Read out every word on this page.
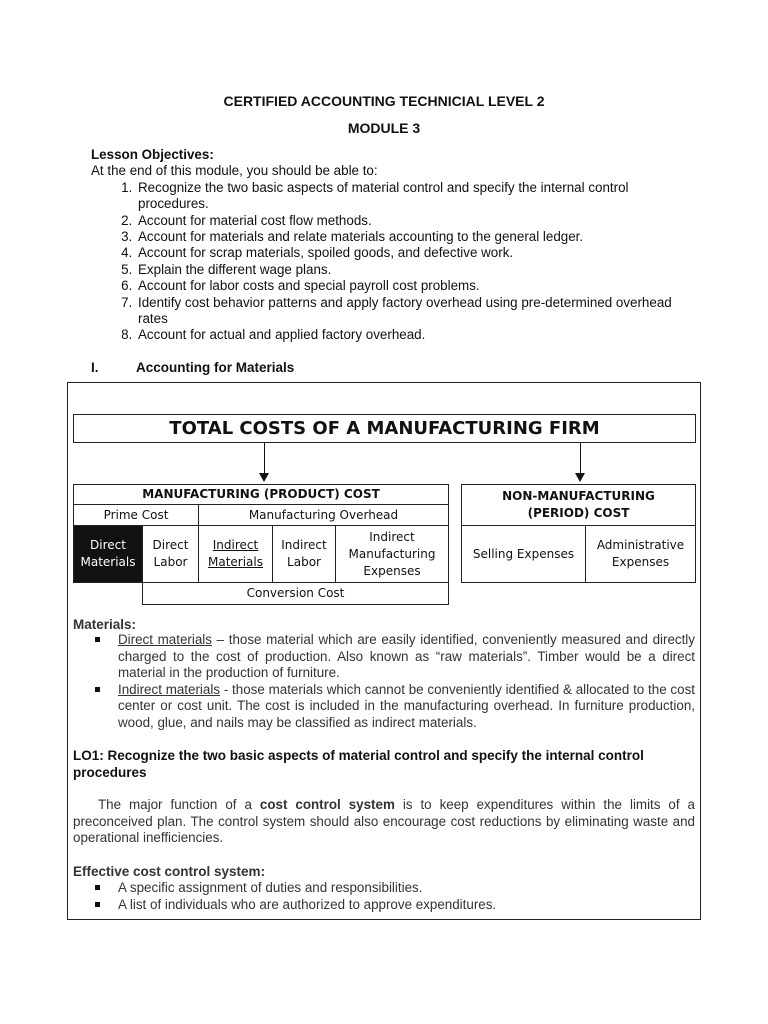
CERTIFIED ACCOUNTING TECHNICIAL LEVEL 2
MODULE 3
Lesson Objectives:
At the end of this module, you should be able to:
1. Recognize the two basic aspects of material control and specify the internal control procedures.
2. Account for material cost flow methods.
3. Account for materials and relate materials accounting to the general ledger.
4. Account for scrap materials, spoiled goods, and defective work.
5. Explain the different wage plans.
6. Account for labor costs and special payroll cost problems.
7. Identify cost behavior patterns and apply factory overhead using pre-determined overhead rates
8. Account for actual and applied factory overhead.
I.	Accounting for Materials
TOTAL COSTS OF A MANUFACTURING FIRM
MANUFACTURING (PRODUCT) COST
Prime Cost	Manufacturing Overhead
Direct Materials
Direct Labor
Indirect Materials
Indirect Labor
Indirect Manufacturing Expenses
Conversion Cost
NON-MANUFACTURING (PERIOD) COST
Selling Expenses
Administrative Expenses
Materials:
Direct materials – those material which are easily identified, conveniently measured and directly charged to the cost of production. Also known as “raw materials”. Timber would be a direct material in the production of furniture.
Indirect materials - those materials which cannot be conveniently identified & allocated to the cost center or cost unit. The cost is included in the manufacturing overhead. In furniture production, wood, glue, and nails may be classified as indirect materials.
LO1: Recognize the two basic aspects of material control and specify the internal control procedures
The major function of a cost control system is to keep expenditures within the limits of a preconceived plan. The control system should also encourage cost reductions by eliminating waste and operational inefficiencies.
Effective cost control system:
A specific assignment of duties and responsibilities.
A list of individuals who are authorized to approve expenditures.
